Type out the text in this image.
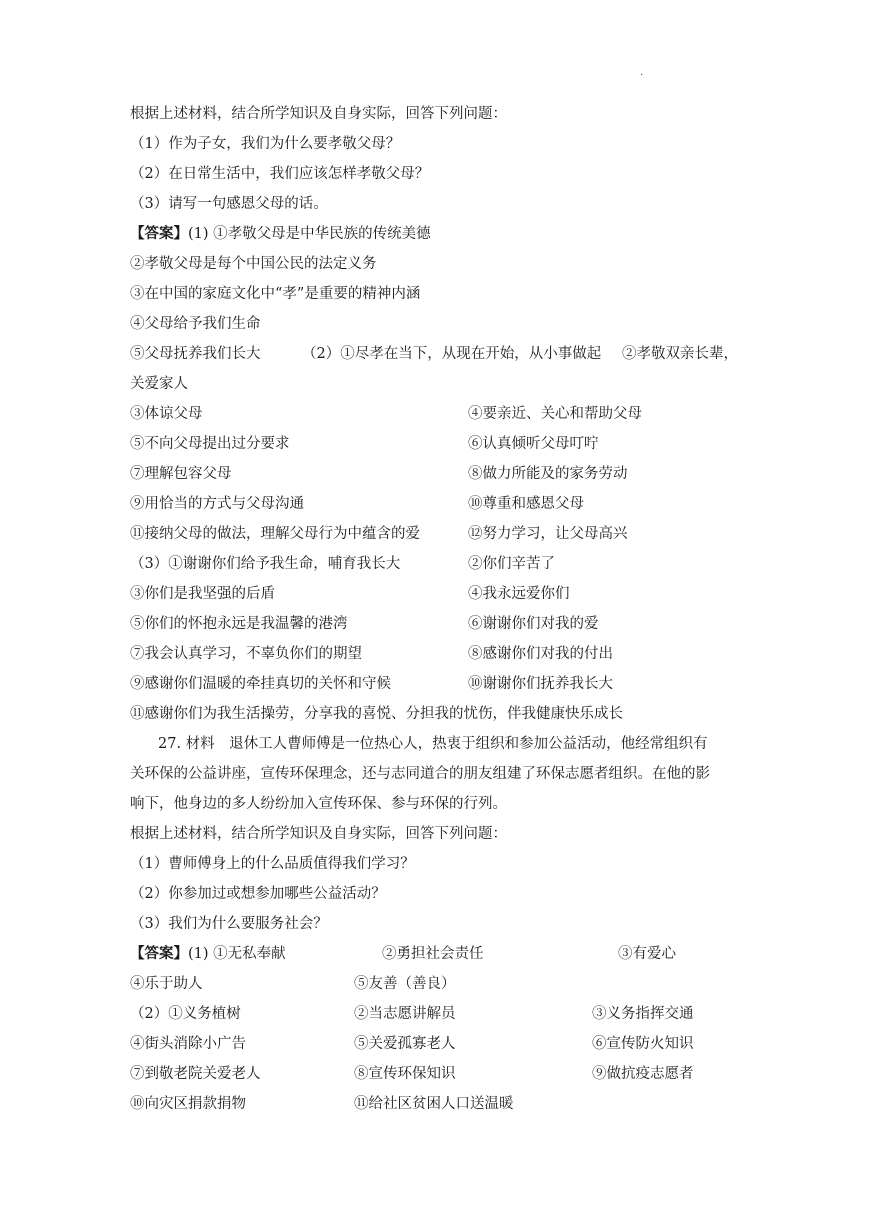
·
根据上述材料，结合所学知识及自身实际，回答下列问题：
（1）作为子女，我们为什么要孝敬父母？
（2）在日常生活中，我们应该怎样孝敬父母？
（3）请写一句感恩父母的话。
【答案】(1) ①孝敬父母是中华民族的传统美德
②孝敬父母是每个中国公民的法定义务
③在中国的家庭文化中“孝”是重要的精神内涵
④父母给予我们生命
⑤父母抚养我们长大	（2）①尽孝在当下，从现在开始，从小事做起 ②孝敬双亲长辈，
关爱家人
③体谅父母	④要亲近、关心和帮助父母
⑤不向父母提出过分要求	⑥认真倾听父母叮咛
⑦理解包容父母	⑧做力所能及的家务劳动
⑨用恰当的方式与父母沟通	⑩尊重和感恩父母
⑪接纳父母的做法，理解父母行为中蕴含的爱	⑫努力学习，让父母高兴
（3）①谢谢你们给予我生命，哺育我长大	②你们辛苦了
③你们是我坚强的后盾	④我永远爱你们
⑤你们的怀抱永远是我温馨的港湾	⑥谢谢你们对我的爱
⑦我会认真学习，不辜负你们的期望	⑧感谢你们对我的付出
⑨感谢你们温暖的牵挂真切的关怀和守候	⑩谢谢你们抚养我长大
⑪感谢你们为我生活操劳，分享我的喜悦、分担我的忧伤，伴我健康快乐成长
27. 材料　退休工人曹师傅是一位热心人，热衷于组织和参加公益活动，他经常组织有
关环保的公益讲座，宣传环保理念，还与志同道合的朋友组建了环保志愿者组织。在他的影
响下，他身边的多人纷纷加入宣传环保、参与环保的行列。
根据上述材料，结合所学知识及自身实际，回答下列问题：
（1）曹师傅身上的什么品质值得我们学习？
（2）你参加过或想参加哪些公益活动？
（3）我们为什么要服务社会？
【答案】(1) ①无私奉献	②勇担社会责任	③有爱心
④乐于助人	⑤友善（善良）
（2）①义务植树	②当志愿讲解员	③义务指挥交通
④街头消除小广告	⑤关爱孤寡老人	⑥宣传防火知识
⑦到敬老院关爱老人	⑧宣传环保知识	⑨做抗疫志愿者
⑩向灾区捐款捐物	⑪给社区贫困人口送温暖
